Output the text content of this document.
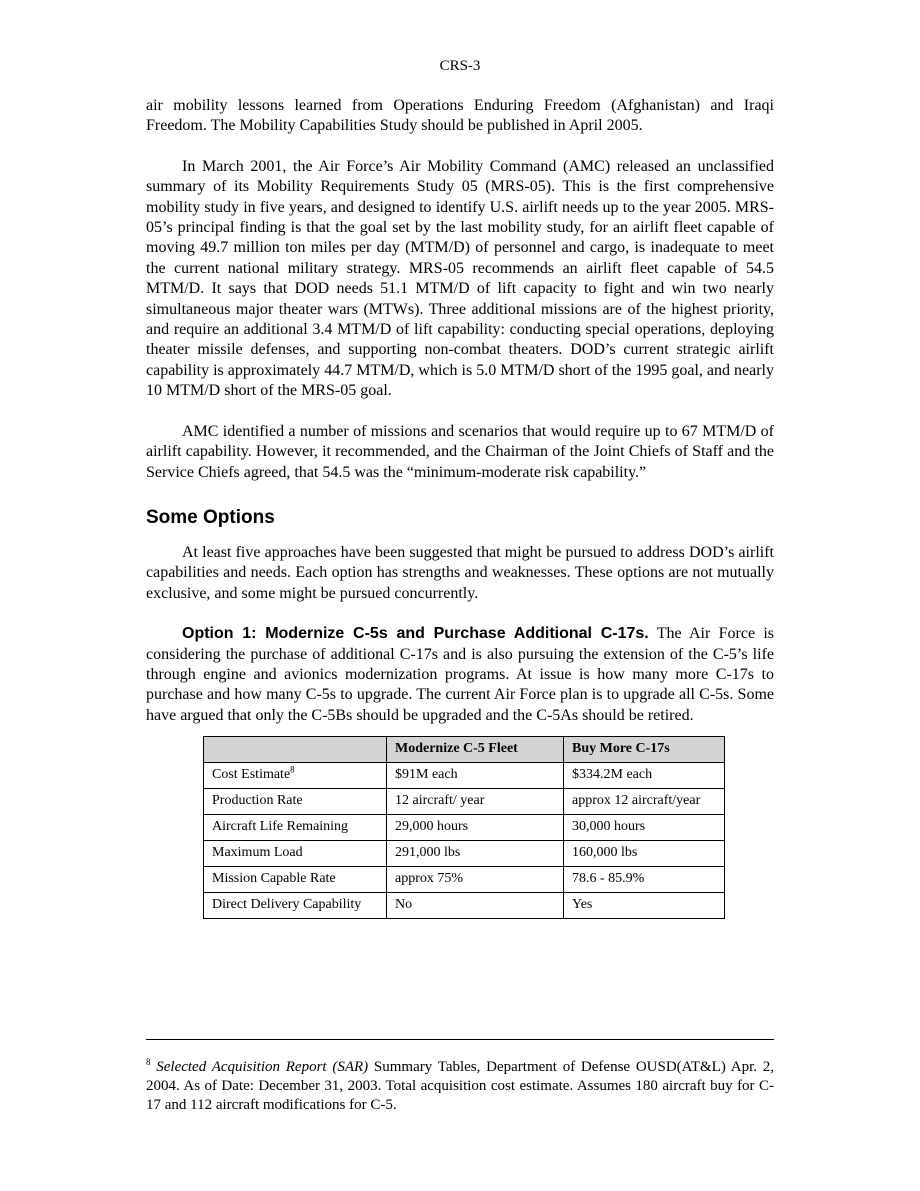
CRS-3

air mobility lessons learned from Operations Enduring Freedom (Afghanistan) and Iraqi Freedom. The Mobility Capabilities Study should be published in April 2005.

In March 2001, the Air Force’s Air Mobility Command (AMC) released an unclassified summary of its Mobility Requirements Study 05 (MRS-05). This is the first comprehensive mobility study in five years, and designed to identify U.S. airlift needs up to the year 2005. MRS-05’s principal finding is that the goal set by the last mobility study, for an airlift fleet capable of moving 49.7 million ton miles per day (MTM/D) of personnel and cargo, is inadequate to meet the current national military strategy. MRS-05 recommends an airlift fleet capable of 54.5 MTM/D. It says that DOD needs 51.1 MTM/D of lift capacity to fight and win two nearly simultaneous major theater wars (MTWs). Three additional missions are of the highest priority, and require an additional 3.4 MTM/D of lift capability: conducting special operations, deploying theater missile defenses, and supporting non-combat theaters. DOD’s current strategic airlift capability is approximately 44.7 MTM/D, which is 5.0 MTM/D short of the 1995 goal, and nearly 10 MTM/D short of the MRS-05 goal.

AMC identified a number of missions and scenarios that would require up to 67 MTM/D of airlift capability. However, it recommended, and the Chairman of the Joint Chiefs of Staff and the Service Chiefs agreed, that 54.5 was the “minimum-moderate risk capability.”

Some Options

At least five approaches have been suggested that might be pursued to address DOD’s airlift capabilities and needs. Each option has strengths and weaknesses. These options are not mutually exclusive, and some might be pursued concurrently.

Option 1: Modernize C-5s and Purchase Additional C-17s. The Air Force is considering the purchase of additional C-17s and is also pursuing the extension of the C-5’s life through engine and avionics modernization programs. At issue is how many more C-17s to purchase and how many C-5s to upgrade. The current Air Force plan is to upgrade all C-5s. Some have argued that only the C-5Bs should be upgraded and the C-5As should be retired.

	Modernize C-5 Fleet	Buy More C-17s
Cost Estimate$^8$	$91M each	$334.2M each
Production Rate	12 aircraft/ year	approx 12 aircraft/year
Aircraft Life Remaining	29,000 hours	30,000 hours
Maximum Load	291,000 lbs	160,000 lbs
Mission Capable Rate	approx 75%	78.6 - 85.9%
Direct Delivery Capability	No	Yes
$^8$ Selected Acquisition Report (SAR) Summary Tables, Department of Defense OUSD(AT&L) Apr. 2, 2004. As of Date: December 31, 2003. Total acquisition cost estimate. Assumes 180 aircraft buy for C-17 and 112 aircraft modifications for C-5.
